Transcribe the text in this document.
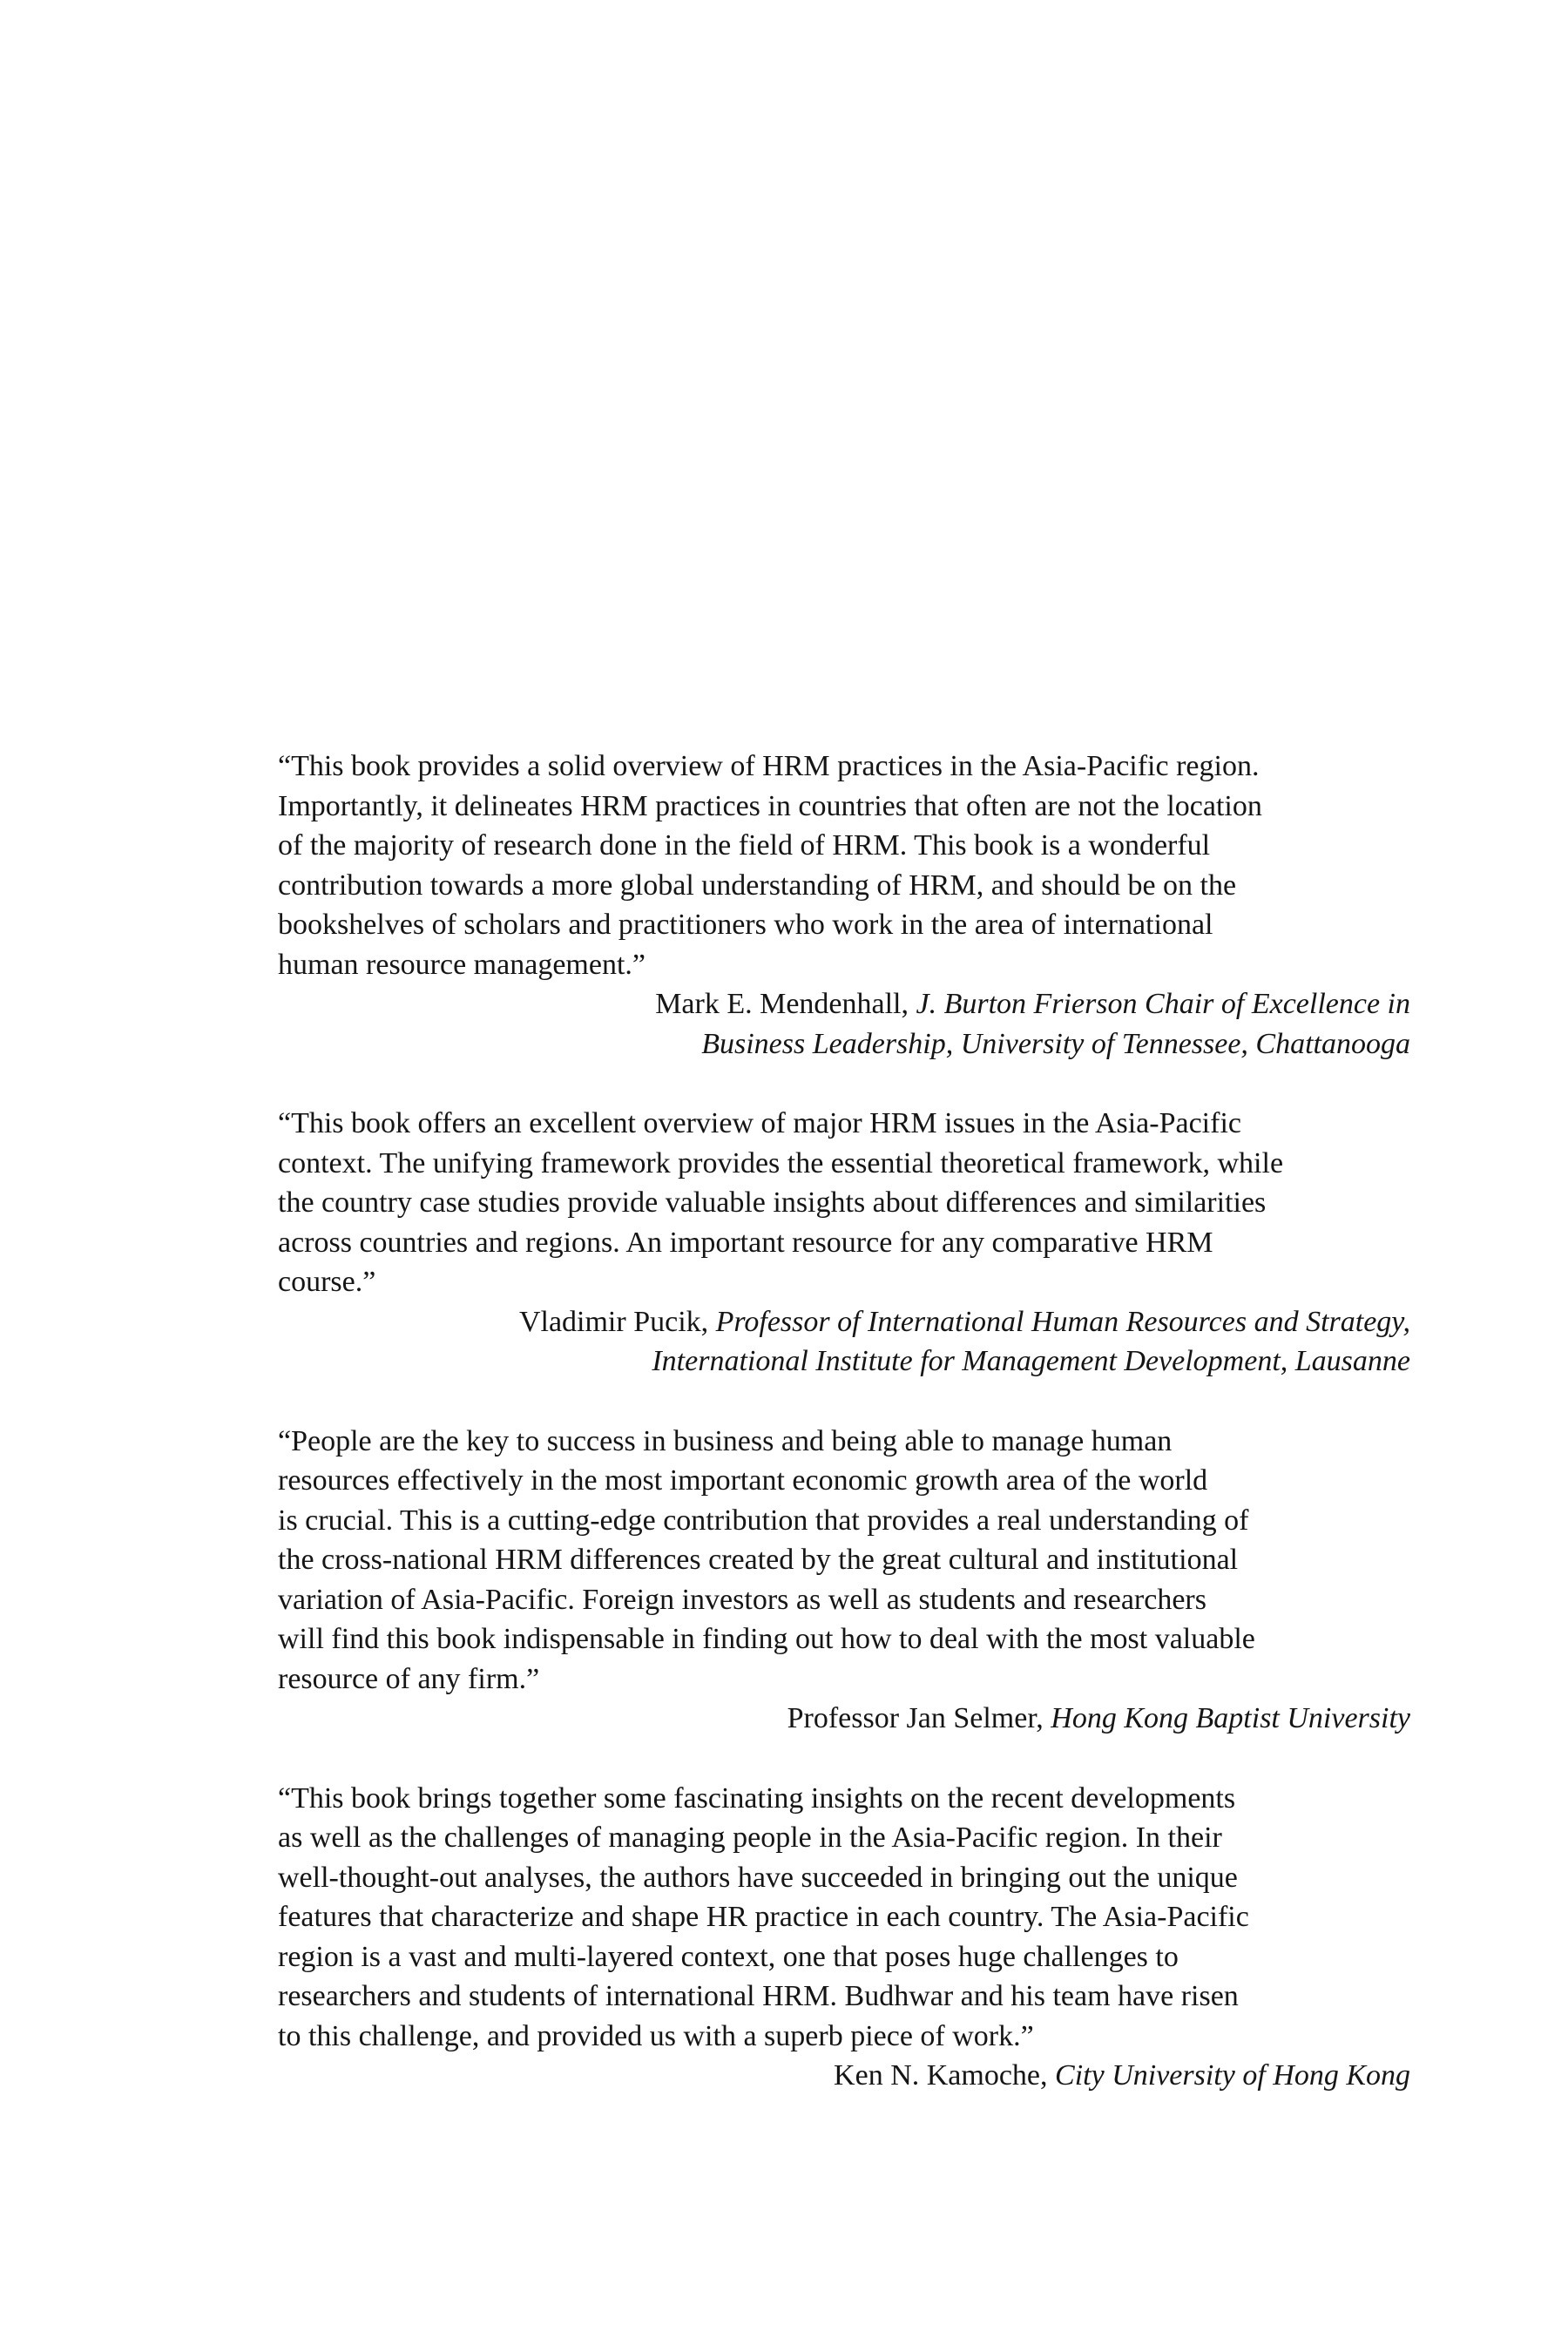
“This book provides a solid overview of HRM practices in the Asia-Pacific region.
Importantly, it delineates HRM practices in countries that often are not the location
of the majority of research done in the field of HRM. This book is a wonderful
contribution towards a more global understanding of HRM, and should be on the
bookshelves of scholars and practitioners who work in the area of international
human resource management.”

Mark E. Mendenhall, J. Burton Frierson Chair of Excellence in
Business Leadership, University of Tennessee, Chattanooga

“This book offers an excellent overview of major HRM issues in the Asia-Pacific
context. The unifying framework provides the essential theoretical framework, while
the country case studies provide valuable insights about differences and similarities
across countries and regions. An important resource for any comparative HRM
course.”

Vladimir Pucik, Professor of International Human Resources and Strategy,
International Institute for Management Development, Lausanne

“People are the key to success in business and being able to manage human
resources effectively in the most important economic growth area of the world
is crucial. This is a cutting-edge contribution that provides a real understanding of
the cross-national HRM differences created by the great cultural and institutional
variation of Asia-Pacific. Foreign investors as well as students and researchers
will find this book indispensable in finding out how to deal with the most valuable
resource of any firm.”

Professor Jan Selmer, Hong Kong Baptist University

“This book brings together some fascinating insights on the recent developments
as well as the challenges of managing people in the Asia-Pacific region. In their
well-thought-out analyses, the authors have succeeded in bringing out the unique
features that characterize and shape HR practice in each country. The Asia-Pacific
region is a vast and multi-layered context, one that poses huge challenges to
researchers and students of international HRM. Budhwar and his team have risen
to this challenge, and provided us with a superb piece of work.”

Ken N. Kamoche, City University of Hong Kong
